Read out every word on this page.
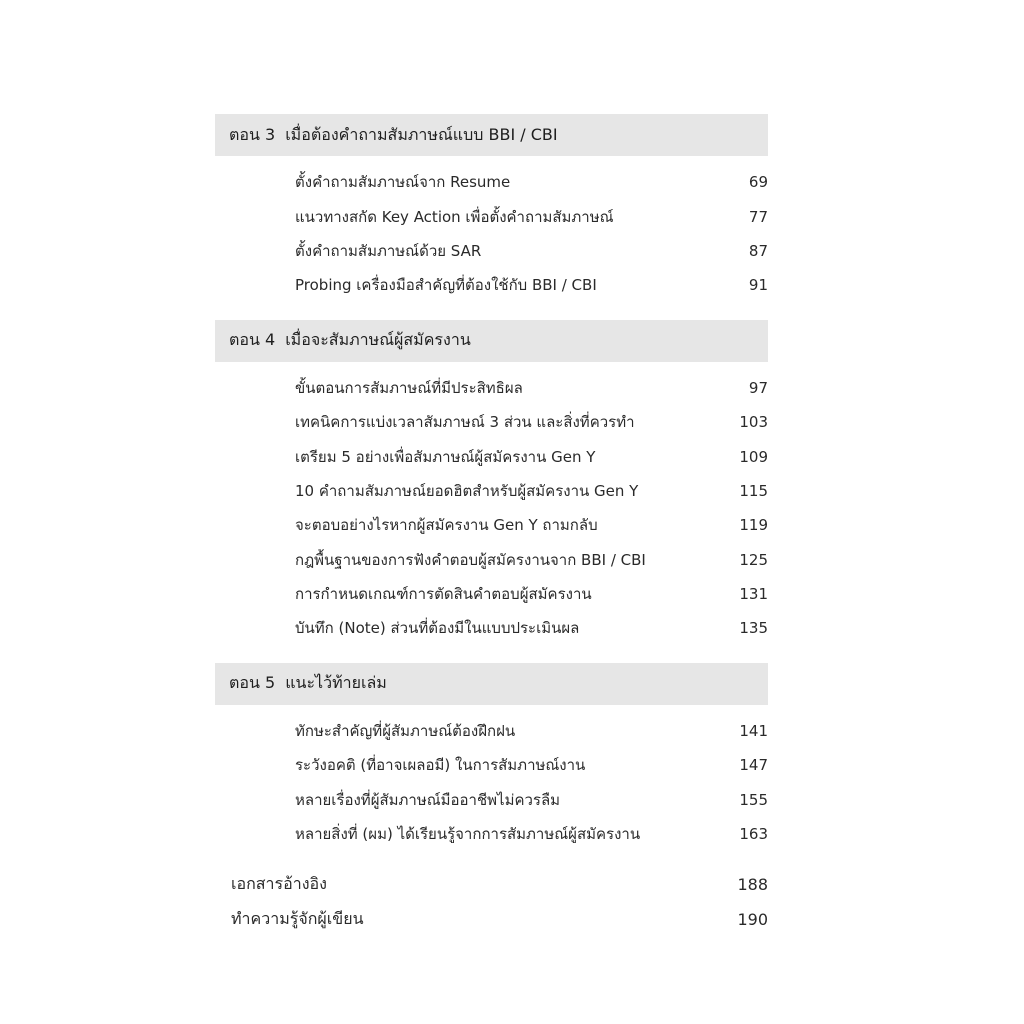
ตอน 3 เมื่อต้องคำถามสัมภาษณ์แบบ BBI / CBI
ตั้งคำถามสัมภาษณ์จาก Resume	69
แนวทางสกัด Key Action เพื่อตั้งคำถามสัมภาษณ์	77
ตั้งคำถามสัมภาษณ์ด้วย SAR	87
Probing เครื่องมือสำคัญที่ต้องใช้กับ BBI / CBI	91
ตอน 4 เมื่อจะสัมภาษณ์ผู้สมัครงาน
ขั้นตอนการสัมภาษณ์ที่มีประสิทธิผล	97
เทคนิคการแบ่งเวลาสัมภาษณ์ 3 ส่วน และสิ่งที่ควรทำ	103
เตรียม 5 อย่างเพื่อสัมภาษณ์ผู้สมัครงาน Gen Y	109
10 คำถามสัมภาษณ์ยอดฮิตสำหรับผู้สมัครงาน Gen Y	115
จะตอบอย่างไรหากผู้สมัครงาน Gen Y ถามกลับ	119
กฎพื้นฐานของการฟังคำตอบผู้สมัครงานจาก BBI / CBI	125
การกำหนดเกณฑ์การตัดสินคำตอบผู้สมัครงาน	131
บันทึก (Note) ส่วนที่ต้องมีในแบบประเมินผล	135
ตอน 5 แนะไว้ท้ายเล่ม
ทักษะสำคัญที่ผู้สัมภาษณ์ต้องฝึกฝน	141
ระวังอคติ (ที่อาจเผลอมี) ในการสัมภาษณ์งาน	147
หลายเรื่องที่ผู้สัมภาษณ์มืออาชีพไม่ควรลืม	155
หลายสิ่งที่ (ผม) ได้เรียนรู้จากการสัมภาษณ์ผู้สมัครงาน	163
เอกสารอ้างอิง	188
ทำความรู้จักผู้เขียน	190
